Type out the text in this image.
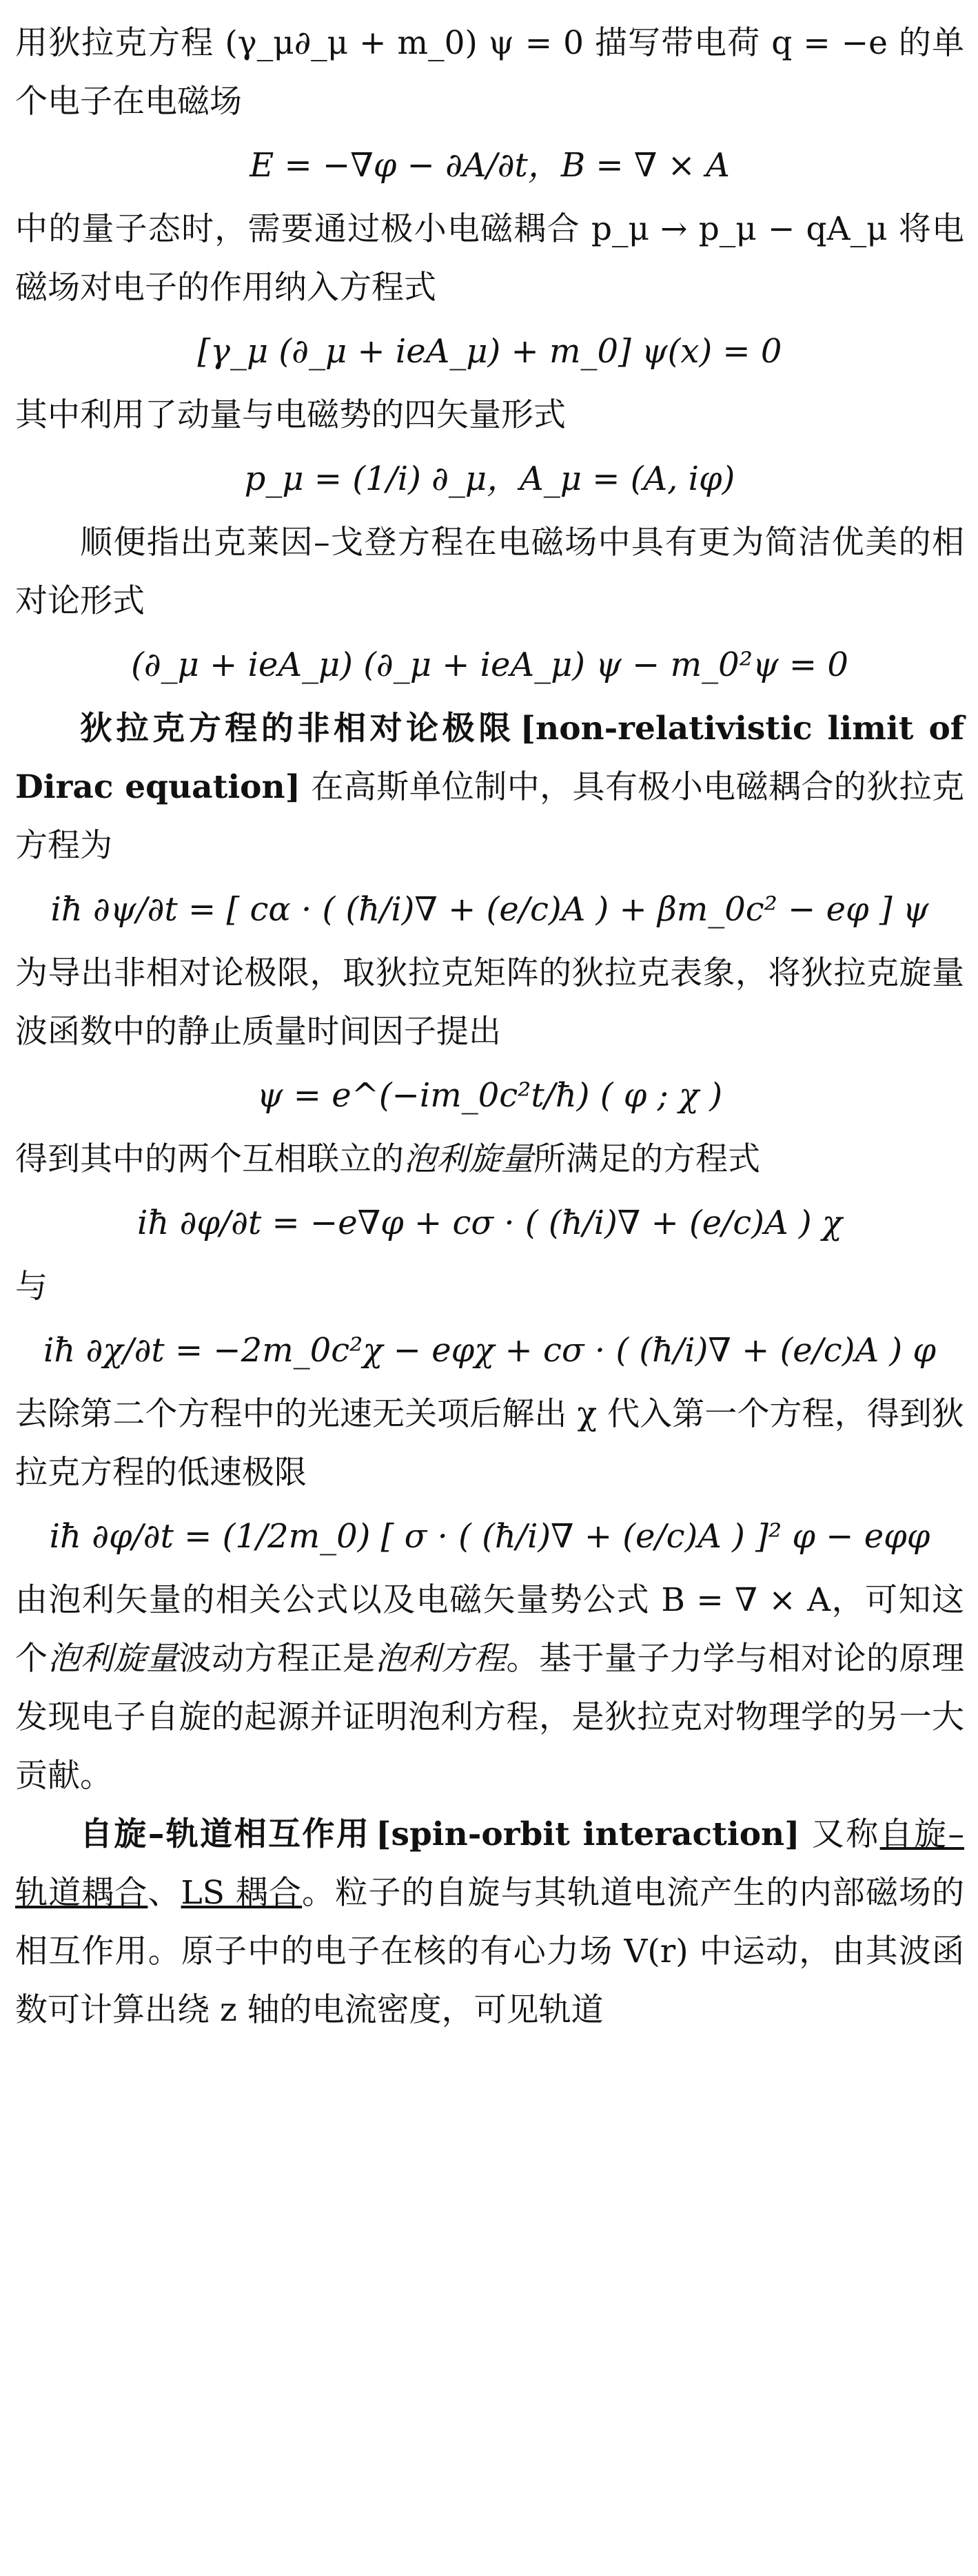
用狄拉克方程 (γ_μ∂_μ + m_0) ψ = 0 描写带电荷 q = −e 的单个电子在电磁场

E = −∇φ − ∂A/∂t，B = ∇ × A

中的量子态时，需要通过极小电磁耦合 p_μ → p_μ − qA_μ 将电磁场对电子的作用纳入方程式

[γ_μ (∂_μ + ieA_μ) + m_0] ψ(x) = 0

其中利用了动量与电磁势的四矢量形式

p_μ = (1/i) ∂_μ，A_μ = (A, iφ)

顺便指出克莱因–戈登方程在电磁场中具有更为简洁优美的相对论形式

(∂_μ + ieA_μ) (∂_μ + ieA_μ) ψ − m_0²ψ = 0

狄拉克方程的非相对论极限 [non-relativistic limit of Dirac equation] 在高斯单位制中，具有极小电磁耦合的狄拉克方程为

iħ ∂ψ/∂t = [ cα · ( (ħ/i)∇ + (e/c)A ) + βm_0c² − eφ ] ψ

为导出非相对论极限，取狄拉克矩阵的狄拉克表象，将狄拉克旋量波函数中的静止质量时间因子提出

ψ = e^(−im_0c²t/ħ) ( φ ; χ )

得到其中的两个互相联立的泡利旋量所满足的方程式

iħ ∂φ/∂t = −e∇φ + cσ · ( (ħ/i)∇ + (e/c)A ) χ

与

iħ ∂χ/∂t = −2m_0c²χ − eφχ + cσ · ( (ħ/i)∇ + (e/c)A ) φ

去除第二个方程中的光速无关项后解出 χ 代入第一个方程，得到狄拉克方程的低速极限

iħ ∂φ/∂t = (1/2m_0) [ σ · ( (ħ/i)∇ + (e/c)A ) ]² φ − eφφ

由泡利矢量的相关公式以及电磁矢量势公式 B = ∇ × A，可知这个泡利旋量波动方程正是泡利方程。基于量子力学与相对论的原理发现电子自旋的起源并证明泡利方程，是狄拉克对物理学的另一大贡献。

自旋–轨道相互作用 [spin-orbit interaction] 又称自旋–轨道耦合、LS 耦合。粒子的自旋与其轨道电流产生的内部磁场的相互作用。原子中的电子在核的有心力场 V(r) 中运动，由其波函数可计算出绕 z 轴的电流密度，可见轨道
